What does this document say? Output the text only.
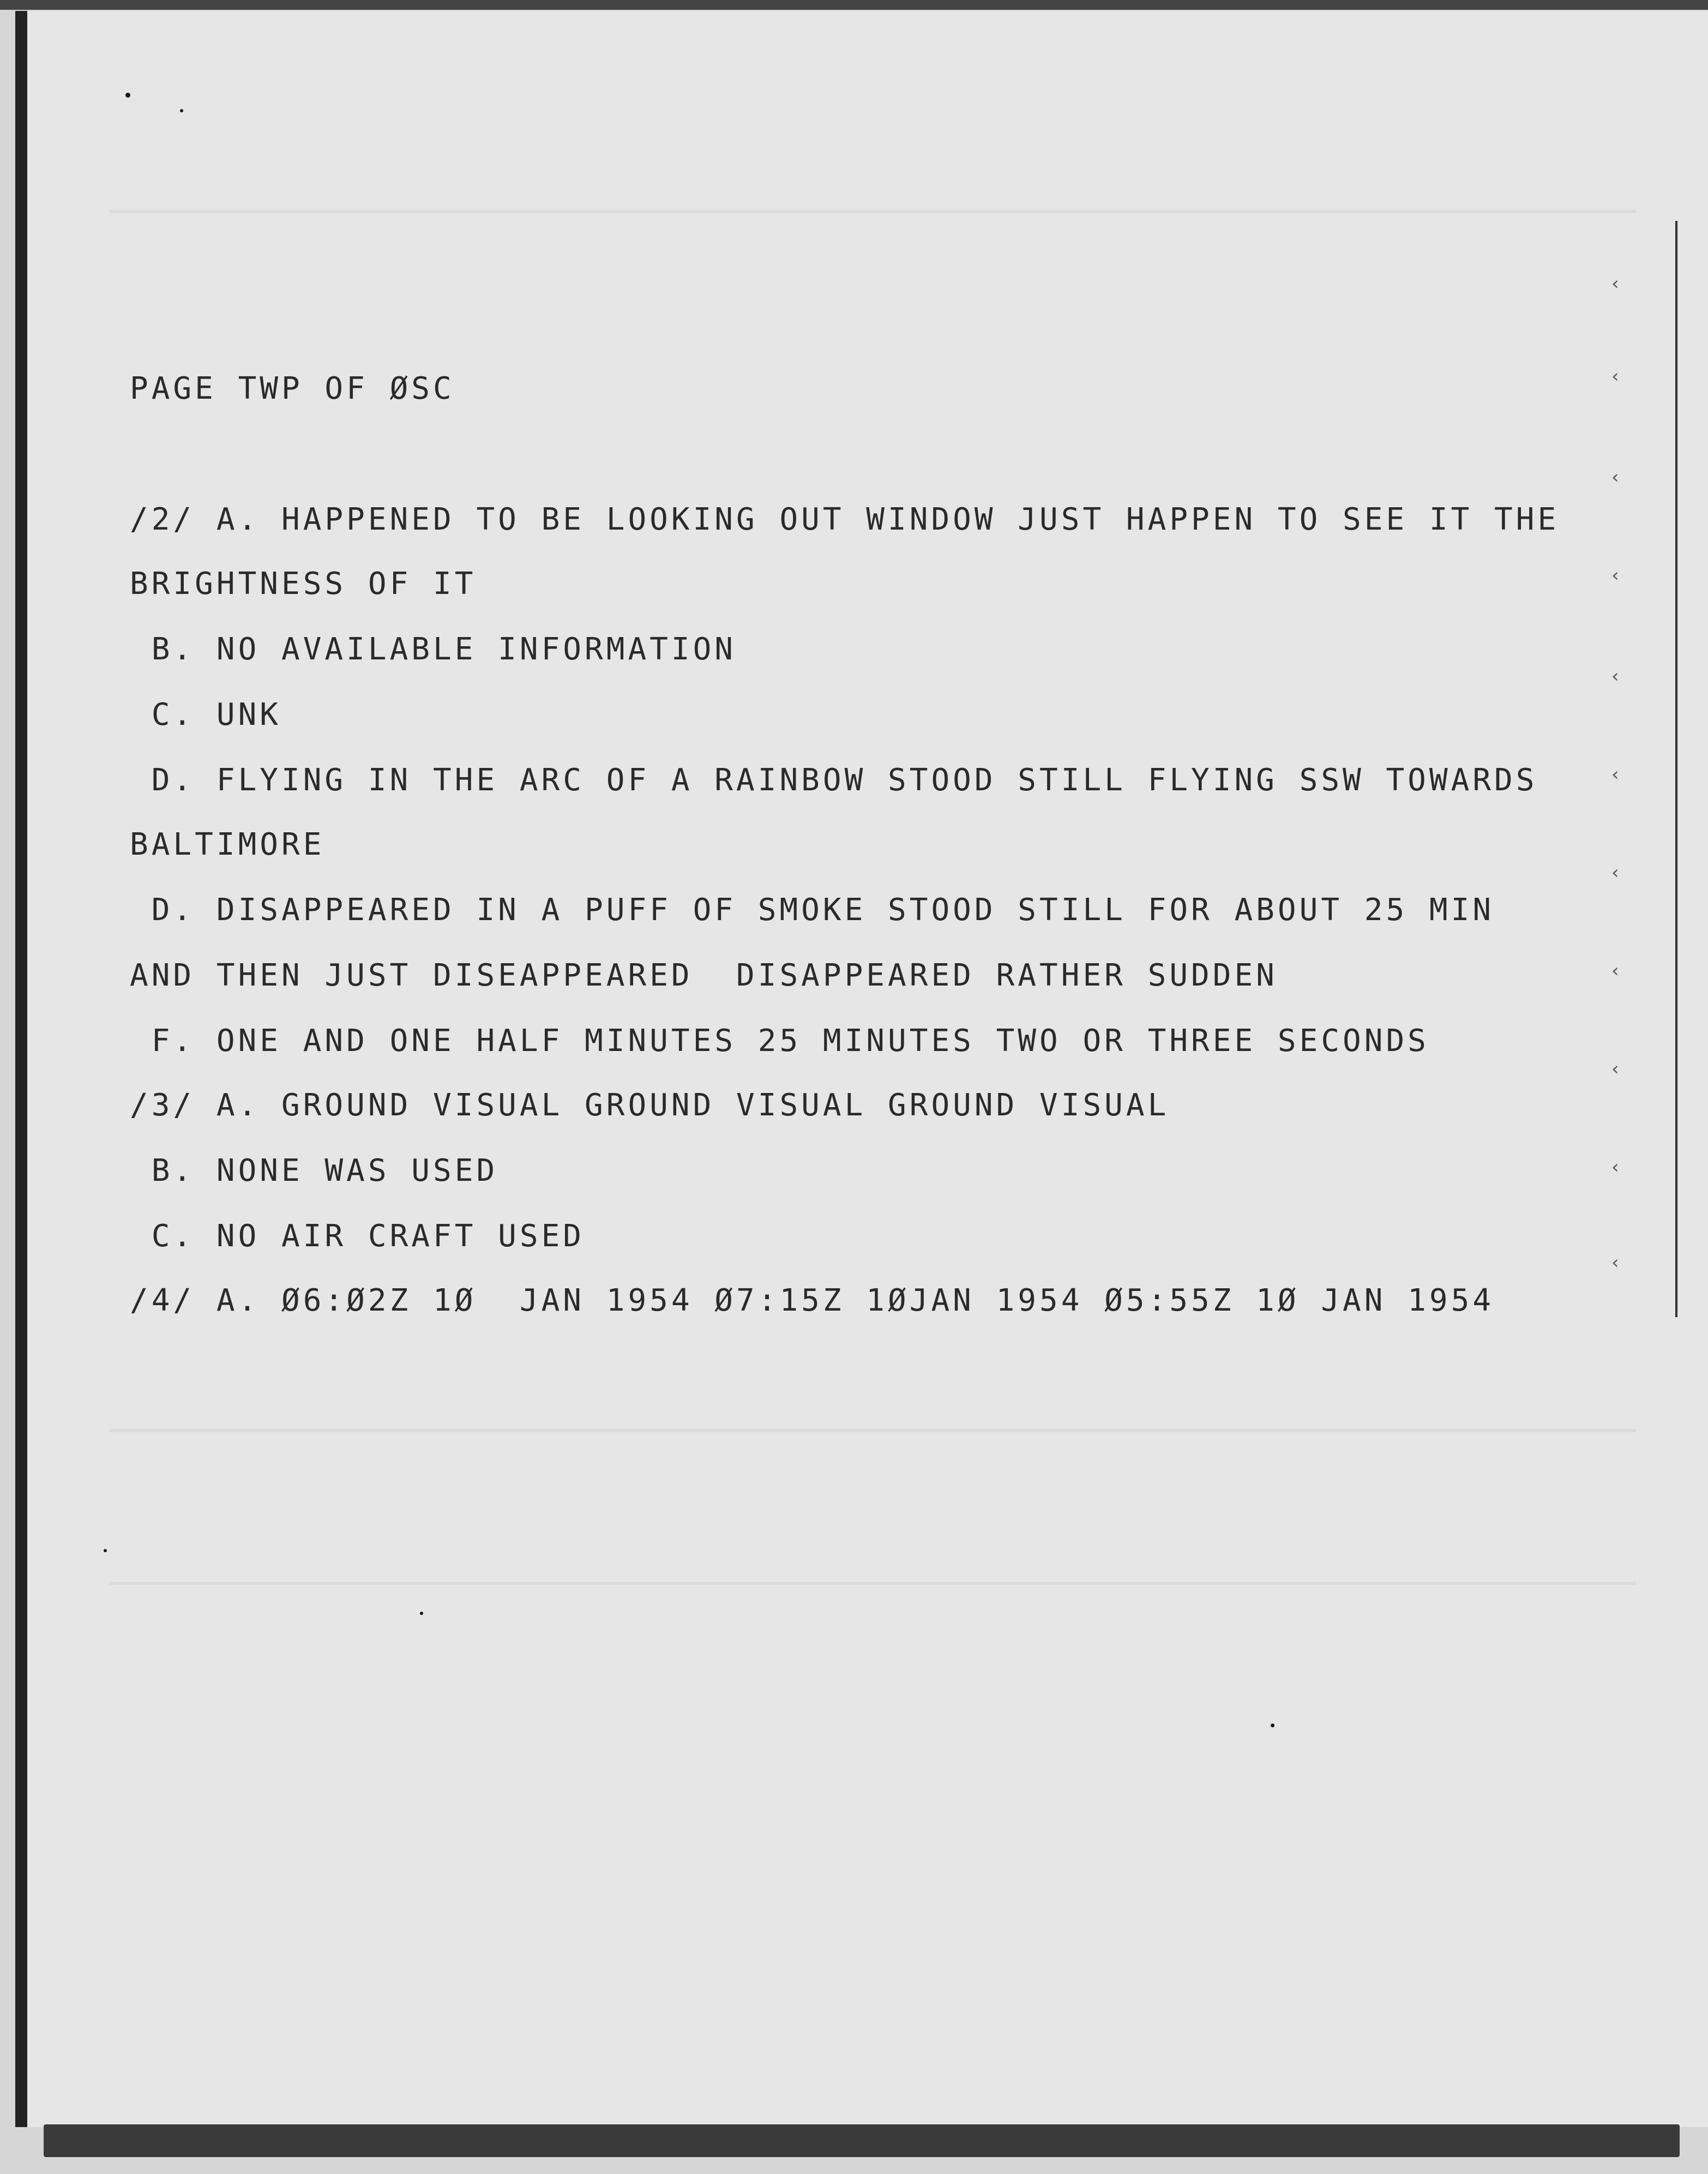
‹
‹
‹
‹
‹
‹
‹
‹
‹
‹
‹

PAGE TWP OF ØSC

/2/ A. HAPPENED TO BE LOOKING OUT WINDOW JUST HAPPEN TO SEE IT THE

BRIGHTNESS OF IT

B. NO AVAILABLE INFORMATION

C. UNK

D. FLYING IN THE ARC OF A RAINBOW STOOD STILL FLYING SSW TOWARDS

BALTIMORE

D. DISAPPEARED IN A PUFF OF SMOKE STOOD STILL FOR ABOUT 25 MIN

AND THEN JUST DISEAPPEARED  DISAPPEARED RATHER SUDDEN

F. ONE AND ONE HALF MINUTES 25 MINUTES TWO OR THREE SECONDS

/3/ A. GROUND VISUAL GROUND VISUAL GROUND VISUAL

B. NONE WAS USED

C. NO AIR CRAFT USED

/4/ A. Ø6:Ø2Z 1Ø  JAN 1954 Ø7:15Z 1ØJAN 1954 Ø5:55Z 1Ø JAN 1954
